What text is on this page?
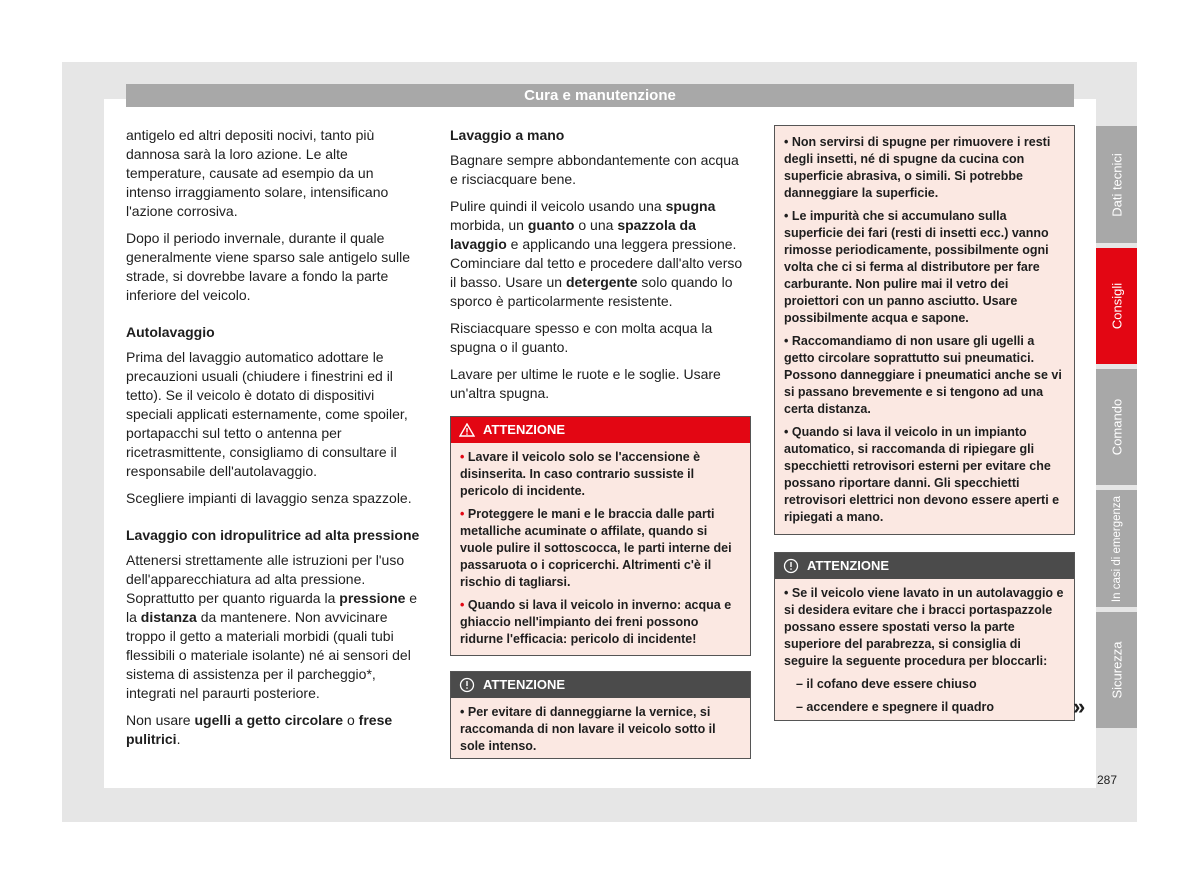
Cura e manutenzione

antigelo ed altri depositi nocivi, tanto più dannosa sarà la loro azione. Le alte temperature, causate ad esempio da un intenso irraggiamento solare, intensificano l'azione corrosiva.

Dopo il periodo invernale, durante il quale generalmente viene sparso sale antigelo sulle strade, si dovrebbe lavare a fondo la parte inferiore del veicolo.

Autolavaggio

Prima del lavaggio automatico adottare le precauzioni usuali (chiudere i finestrini ed il tetto). Se il veicolo è dotato di dispositivi speciali applicati esternamente, come spoiler, portapacchi sul tetto o antenna per ricetrasmittente, consigliamo di consultare il responsabile dell'autolavaggio.

Scegliere impianti di lavaggio senza spazzole.

Lavaggio con idropulitrice ad alta pressione

Attenersi strettamente alle istruzioni per l'uso dell'apparecchiatura ad alta pressione. Soprattutto per quanto riguarda la pressione e la distanza da mantenere. Non avvicinare troppo il getto a materiali morbidi (quali tubi flessibili o materiale isolante) né ai sensori del sistema di assistenza per il parcheggio*, integrati nel paraurti posteriore.

Non usare ugelli a getto circolare o frese pulitrici.

Lavaggio a mano

Bagnare sempre abbondantemente con acqua e risciacquare bene.

Pulire quindi il veicolo usando una spugna morbida, un guanto o una spazzola da lavaggio e applicando una leggera pressione. Cominciare dal tetto e procedere dall'alto verso il basso. Usare un detergente solo quando lo sporco è particolarmente resistente.

Risciacquare spesso e con molta acqua la spugna o il guanto.

Lavare per ultime le ruote e le soglie. Usare un'altra spugna.

ATTENZIONE
• Lavare il veicolo solo se l'accensione è disinserita. In caso contrario sussiste il pericolo di incidente.
• Proteggere le mani e le braccia dalle parti metalliche acuminate o affilate, quando si vuole pulire il sottoscocca, le parti interne dei passaruota o i copricerchi. Altrimenti c'è il rischio di tagliarsi.
• Quando si lava il veicolo in inverno: acqua e ghiaccio nell'impianto dei freni possono ridurne l'efficacia: pericolo di incidente!
ATTENZIONE
• Per evitare di danneggiarne la vernice, si raccomanda di non lavare il veicolo sotto il sole intenso.
• Non servirsi di spugne per rimuovere i resti degli insetti, né di spugne da cucina con superficie abrasiva, o simili. Si potrebbe danneggiare la superficie.
• Le impurità che si accumulano sulla superficie dei fari (resti di insetti ecc.) vanno rimosse periodicamente, possibilmente ogni volta che ci si ferma al distributore per fare carburante. Non pulire mai il vetro dei proiettori con un panno asciutto. Usare possibilmente acqua e sapone.
• Raccomandiamo di non usare gli ugelli a getto circolare soprattutto sui pneumatici. Possono danneggiare i pneumatici anche se vi si passano brevemente e si tengono ad una certa distanza.
• Quando si lava il veicolo in un impianto automatico, si raccomanda di ripiegare gli specchietti retrovisori esterni per evitare che possano riportare danni. Gli specchietti retrovisori elettrici non devono essere aperti e ripiegati a mano.
ATTENZIONE
• Se il veicolo viene lavato in un autolavaggio e si desidera evitare che i bracci portaspazzole possano essere spostati verso la parte superiore del parabrezza, si consiglia di seguire la seguente procedura per bloccarli:
– il cofano deve essere chiuso
– accendere e spegnere il quadro	»
Dati tecnici
Consigli
Comando
In casi di emergenza
Sicurezza
287
